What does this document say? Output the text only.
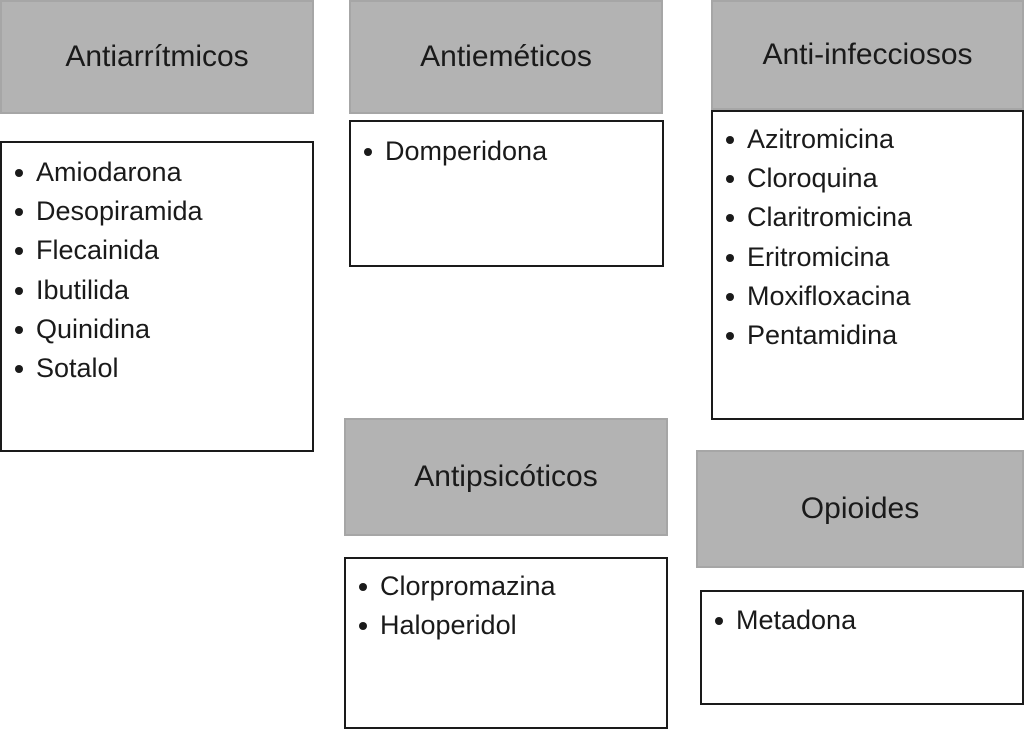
Antiarrítmicos
Amiodarona
Desopiramida
Flecainida
Ibutilida
Quinidina
Sotalol
Antieméticos
Domperidona
Anti-infecciosos
Azitromicina
Cloroquina
Claritromicina
Eritromicina
Moxifloxacina
Pentamidina
Antipsicóticos
Clorpromazina
Haloperidol
Opioides
Metadona
